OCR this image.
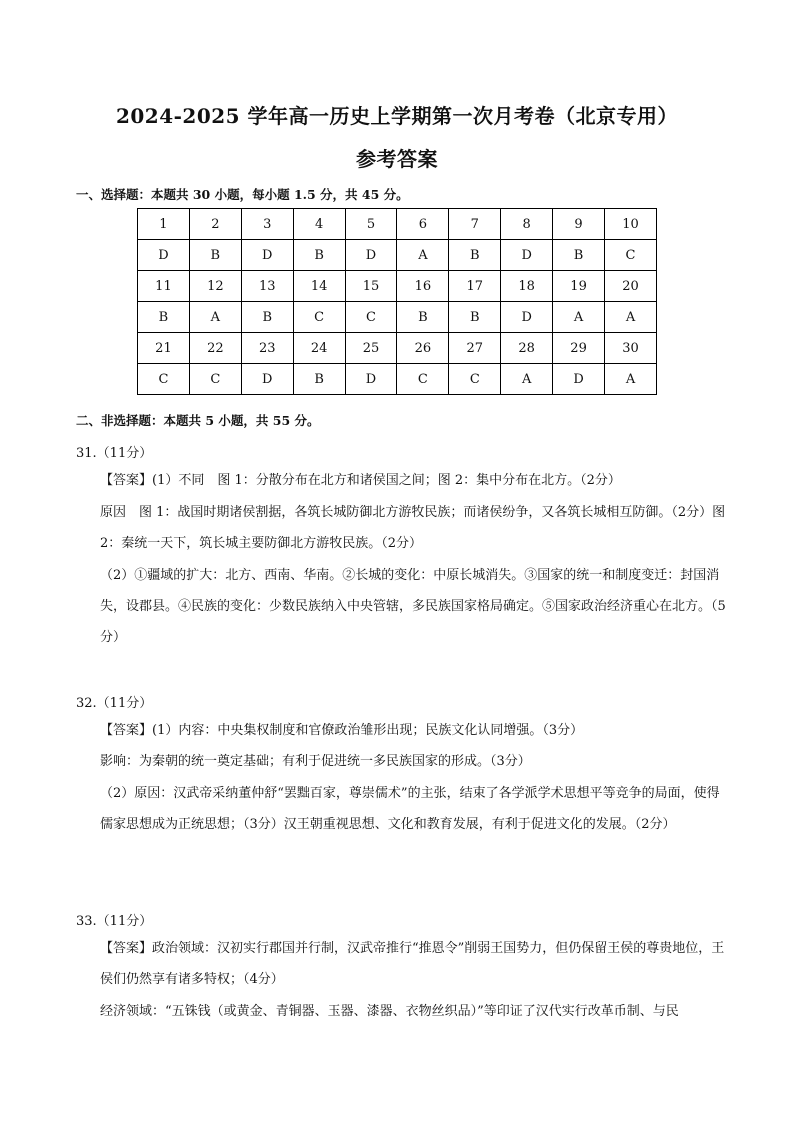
2024-2025 学年高一历史上学期第一次月考卷（北京专用）
参考答案
一、选择题：本题共 30 小题，每小题 1.5 分，共 45 分。
1	2	3	4	5	6	7	8	9	10
D	B	D	B	D	A	B	D	B	C
11	12	13	14	15	16	17	18	19	20
B	A	B	C	C	B	B	D	A	A
21	22	23	24	25	26	27	28	29	30
C	C	D	B	D	C	C	A	D	A
二、非选择题：本题共 5 小题，共 55 分。
31.（11分）
【答案】(1）不同　图 1：分散分布在北方和诸侯国之间；图 2：集中分布在北方。（2分）
原因　图 1：战国时期诸侯割据，各筑长城防御北方游牧民族；而诸侯纷争，又各筑长城相互防御。（2分）图 2：秦统一天下，筑长城主要防御北方游牧民族。（2分）
（2）①疆域的扩大：北方、西南、华南。②长城的变化：中原长城消失。③国家的统一和制度变迁：封国消失，设郡县。④民族的变化：少数民族纳入中央管辖，多民族国家格局确定。⑤国家政治经济重心在北方。（5分）
32.（11分）
【答案】(1）内容：中央集权制度和官僚政治雏形出现；民族文化认同增强。（3分）
影响：为秦朝的统一奠定基础；有利于促进统一多民族国家的形成。（3分）
（2）原因：汉武帝采纳董仲舒“罢黜百家，尊崇儒术”的主张，结束了各学派学术思想平等竞争的局面，使得儒家思想成为正统思想；（3分）汉王朝重视思想、文化和教育发展，有利于促进文化的发展。（2分）
33.（11分）
【答案】政治领域：汉初实行郡国并行制，汉武帝推行“推恩令”削弱王国势力，但仍保留王侯的尊贵地位，王侯们仍然享有诸多特权；（4分）
经济领域：“五铢钱（或黄金、青铜器、玉器、漆器、衣物丝织品）”等印证了汉代实行改革币制、与民
